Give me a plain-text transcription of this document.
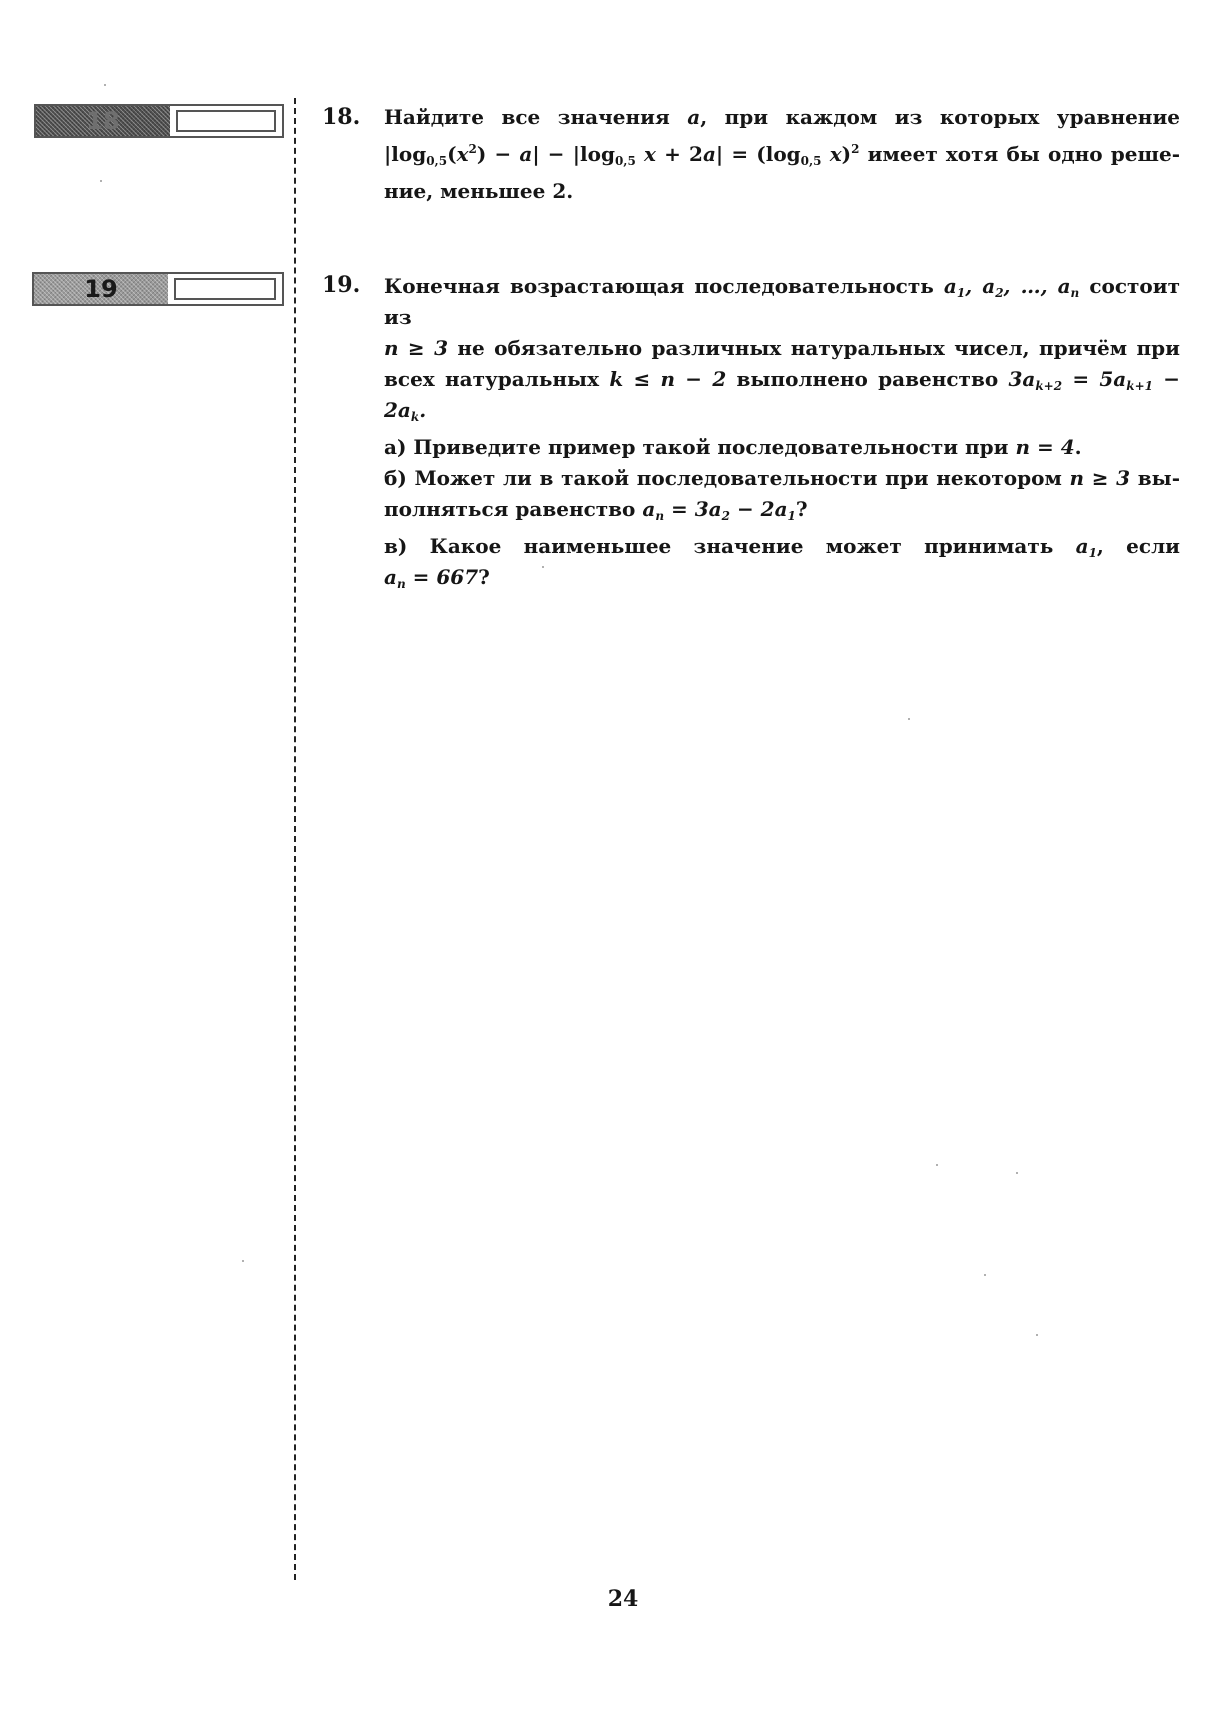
18
19
18. Найдите все значения a, при каждом из которых уравнение

$|\log_{0,5}(x^2) - a| - |\log_{0,5}$ $x + 2a| = (\log_{0,5}$ x)$^2$ имеет хотя бы одно реше-

ние, меньшее 2.

19. Конечная возрастающая последовательность $a_1$, $a_2$, …, $a_n$ состоит из

n ≥ 3 не обязательно различных натуральных чисел, причём при

всех натуральных k ≤ n − 2 выполнено равенство $3a_{k+2} = 5a_{k+1} - 2a_k$.

а) Приведите пример такой последовательности при n = 4.

б) Может ли в такой последовательности при некотором n ≥ 3 вы-

полняться равенство $a_n = 3a_2 - 2a_1$?

в) Какое наименьшее значение может принимать $a_1$, если

$a_n = 667$?

24
